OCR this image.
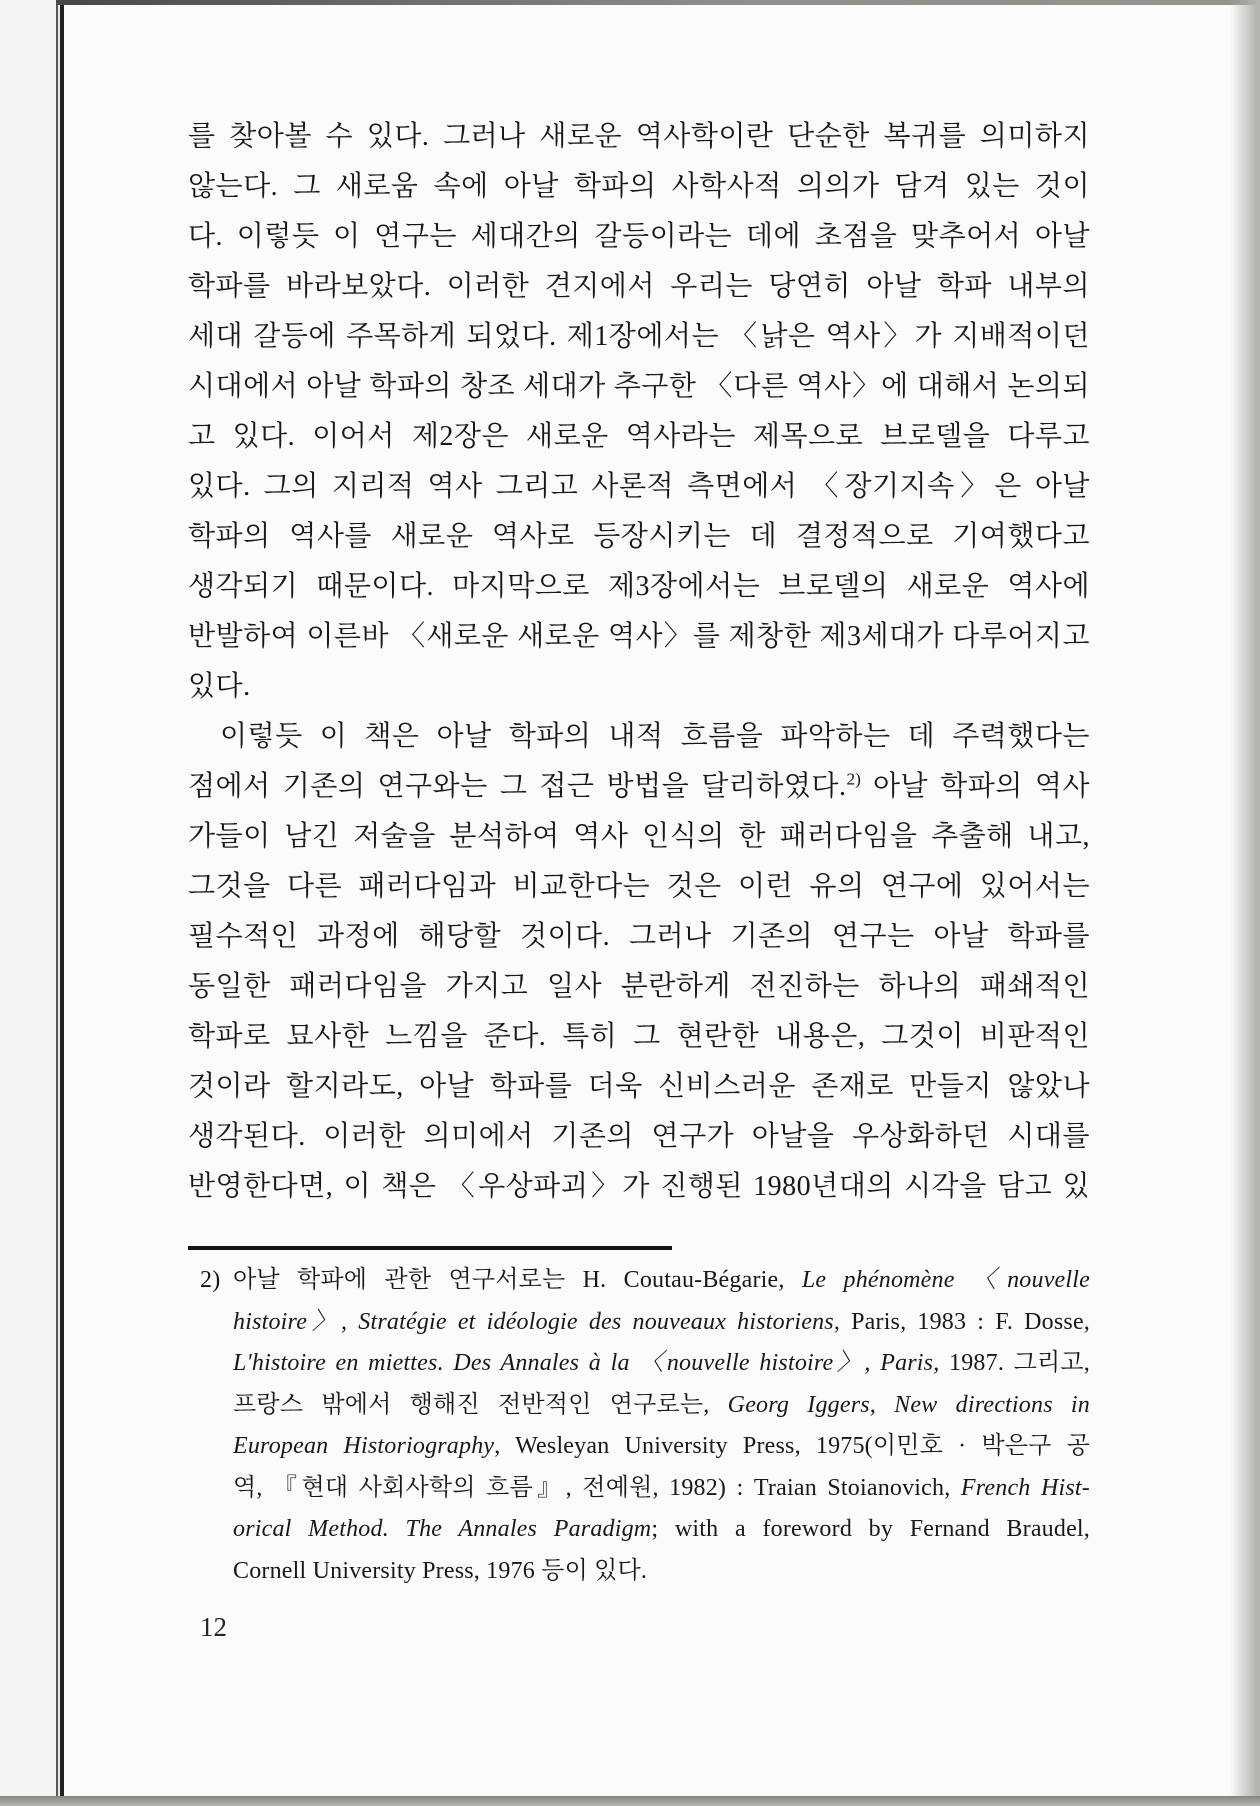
를 찾아볼 수 있다. 그러나 새로운 역사학이란 단순한 복귀를 의미하지
않는다. 그 새로움 속에 아날 학파의 사학사적 의의가 담겨 있는 것이
다. 이렇듯 이 연구는 세대간의 갈등이라는 데에 초점을 맞추어서 아날
학파를 바라보았다. 이러한 견지에서 우리는 당연히 아날 학파 내부의
세대 갈등에 주목하게 되었다. 제1장에서는 〈낡은 역사〉가 지배적이던
시대에서 아날 학파의 창조 세대가 추구한 〈다른 역사〉에 대해서 논의되
고 있다. 이어서 제2장은 새로운 역사라는 제목으로 브로델을 다루고
있다. 그의 지리적 역사 그리고 사론적 측면에서 〈장기지속〉은 아날
학파의 역사를 새로운 역사로 등장시키는 데 결정적으로 기여했다고
생각되기 때문이다. 마지막으로 제3장에서는 브로델의 새로운 역사에
반발하여 이른바 〈새로운 새로운 역사〉를 제창한 제3세대가 다루어지고
있다.
이렇듯 이 책은 아날 학파의 내적 흐름을 파악하는 데 주력했다는
점에서 기존의 연구와는 그 접근 방법을 달리하였다.$^{2)}$ 아날 학파의 역사
가들이 남긴 저술을 분석하여 역사 인식의 한 패러다임을 추출해 내고,
그것을 다른 패러다임과 비교한다는 것은 이런 유의 연구에 있어서는
필수적인 과정에 해당할 것이다. 그러나 기존의 연구는 아날 학파를
동일한 패러다임을 가지고 일사 분란하게 전진하는 하나의 패쇄적인
학파로 묘사한 느낌을 준다. 특히 그 현란한 내용은, 그것이 비판적인
것이라 할지라도, 아날 학파를 더욱 신비스러운 존재로 만들지 않았나
생각된다. 이러한 의미에서 기존의 연구가 아날을 우상화하던 시대를
반영한다면, 이 책은 〈우상파괴〉가 진행된 1980년대의 시각을 담고 있
2) 아날 학파에 관한 연구서로는 H. Coutau-Bégarie, Le phénomène 〈nouvelle
histoire〉, Stratégie et idéologie des nouveaux historiens, Paris, 1983 : F. Dosse,
L'histoire en miettes. Des Annales à la 〈nouvelle histoire〉, Paris, 1987. 그리고,
프랑스 밖에서 행해진 전반적인 연구로는, Georg Iggers, New directions in
European Historiography, Wesleyan University Press, 1975(이민호 · 박은구 공
역, 『현대 사회사학의 흐름』, 전예원, 1982) : Traian Stoianovich, French Hist-
orical Method. The Annales Paradigm; with a foreword by Fernand Braudel,
Cornell University Press, 1976 등이 있다.
12
